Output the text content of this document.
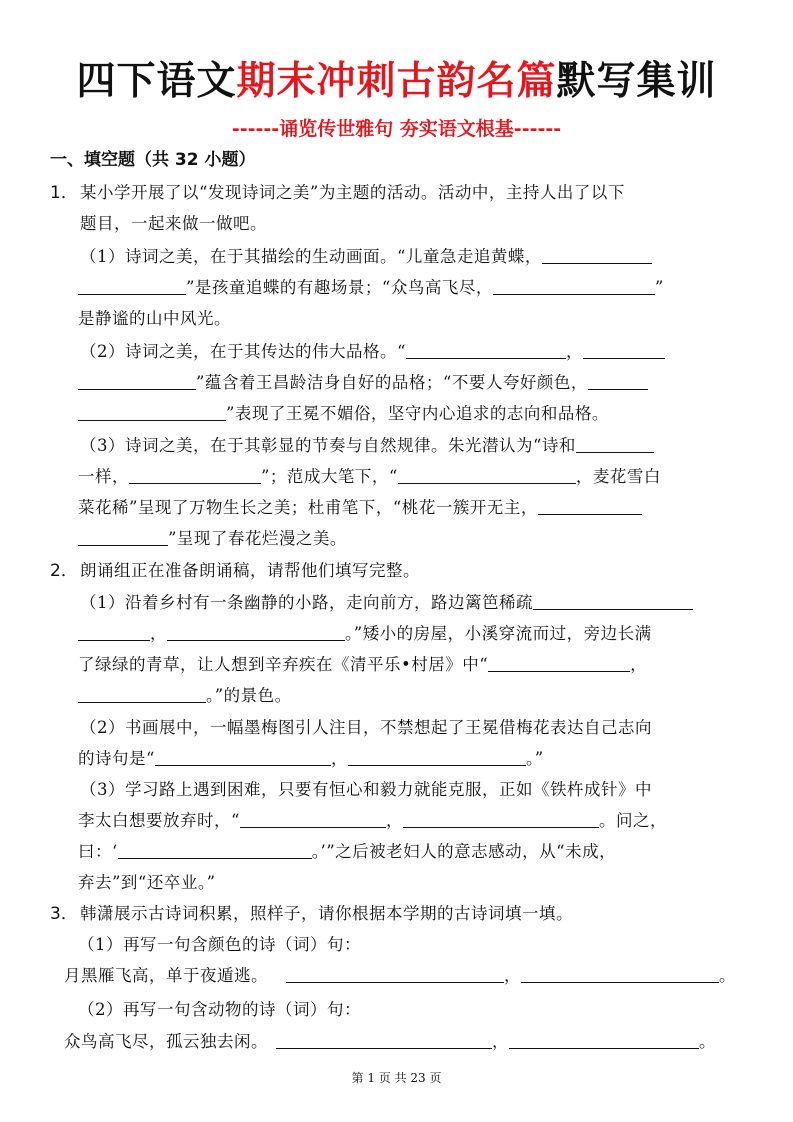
四下语文期末冲刺古韵名篇默写集训
------诵览传世雅句 夯实语文根基------
一、填空题（共 32 小题）
1． 某小学开展了以“发现诗词之美”为主题的活动。活动中，主持人出了以下
题目，一起来做一做吧。
（1）诗词之美，在于其描绘的生动画面。“儿童急走追黄蝶，
”是孩童追蝶的有趣场景；“众鸟高飞尽，	”
是静谧的山中风光。
（2）诗词之美，在于其传达的伟大品格。“	，
”蕴含着王昌龄洁身自好的品格；“不要人夸好颜色，
”表现了王冕不媚俗，坚守内心追求的志向和品格。
（3）诗词之美，在于其彰显的节奏与自然规律。朱光潜认为“诗和
一样，	”；范成大笔下，“	，麦花雪白
菜花稀”呈现了万物生长之美；杜甫笔下，“桃花一簇开无主，
”呈现了春花烂漫之美。
2． 朗诵组正在准备朗诵稿，请帮他们填写完整。
（1）沿着乡村有一条幽静的小路，走向前方，路边篱笆稀疏
，	。”矮小的房屋，小溪穿流而过，旁边长满
了绿绿的青草，让人想到辛弃疾在《清平乐•村居》中“	，
。”的景色。
（2）书画展中，一幅墨梅图引人注目，不禁想起了王冕借梅花表达自己志向
的诗句是“	，	。”
（3）学习路上遇到困难，只要有恒心和毅力就能克服，正如《铁杵成针》中
李太白想要放弃时，“	，	。问之，
曰：‘	。’”之后被老妇人的意志感动，从“未成，
弃去”到“还卒业。”
3． 韩潇展示古诗词积累，照样子，请你根据本学期的古诗词填一填。
（1）再写一句含颜色的诗（词）句：
月黑雁飞高，单于夜遁逃。	，	。
（2）再写一句含动物的诗（词）句：
众鸟高飞尽，孤云独去闲。	，	。
第 1 页 共 23 页
